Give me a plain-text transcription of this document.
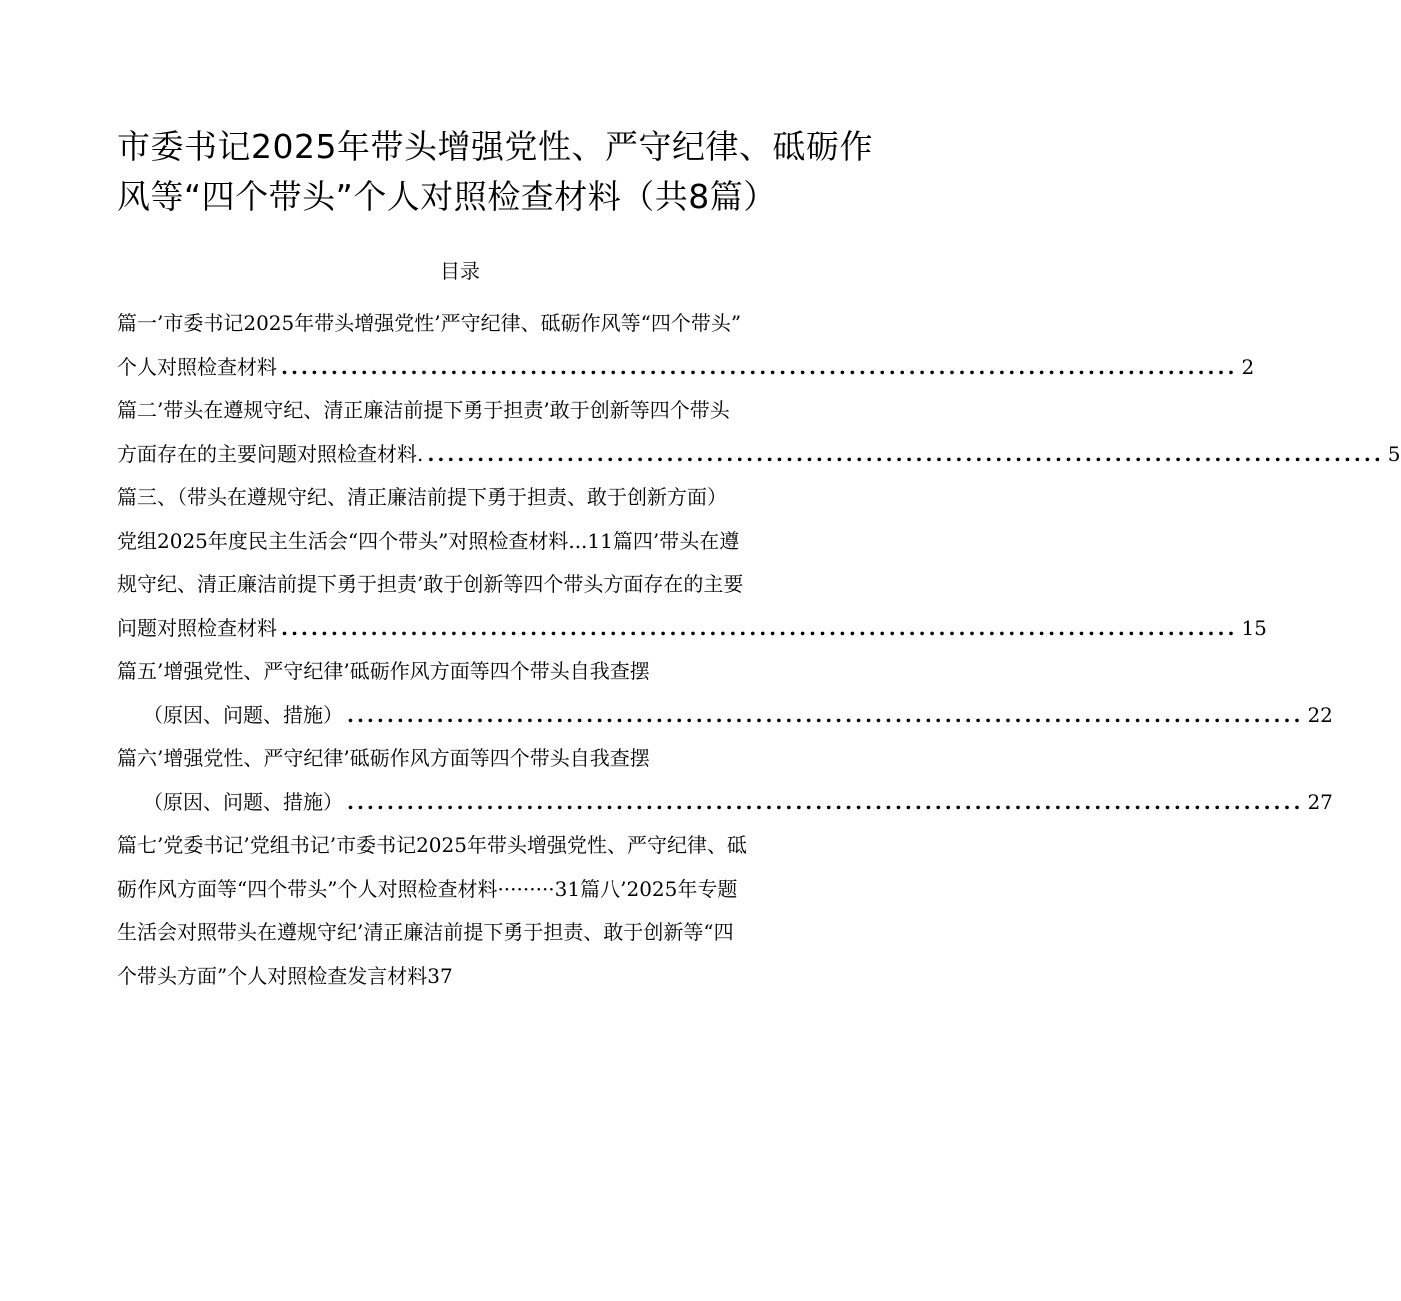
市委书记2025年带头增强党性、严守纪律、砥砺作
风等“四个带头”个人对照检查材料（共8篇）
目录
篇一’市委书记2025年带头增强党性’严守纪律、砥砺作风等“四个带头”
个人对照检查材料 ................................................................................................ 2
篇二’带头在遵规守纪、清正廉洁前提下勇于担责’敢于创新等四个带头
方面存在的主要问题对照检查材料. ................................................................................................ 5
篇三、（带头在遵规守纪、清正廉洁前提下勇于担责、敢于创新方面）
党组2025年度民主生活会“四个带头”对照检查材料...11篇四’带头在遵
规守纪、清正廉洁前提下勇于担责’敢于创新等四个带头方面存在的主要
问题对照检查材料 ................................................................................................ 15
篇五’增强党性、严守纪律’砥砺作风方面等四个带头自我查摆
（原因、问题、措施） ................................................................................................ 22
篇六’增强党性、严守纪律’砥砺作风方面等四个带头自我查摆
（原因、问题、措施） ................................................................................................ 27
篇七’党委书记’党组书记’市委书记2025年带头增强党性、严守纪律、砥
砺作风方面等“四个带头”个人对照检查材料·········31篇八’2025年专题
生活会对照带头在遵规守纪’清正廉洁前提下勇于担责、敢于创新等“四
个带头方面”个人对照检查发言材料37
